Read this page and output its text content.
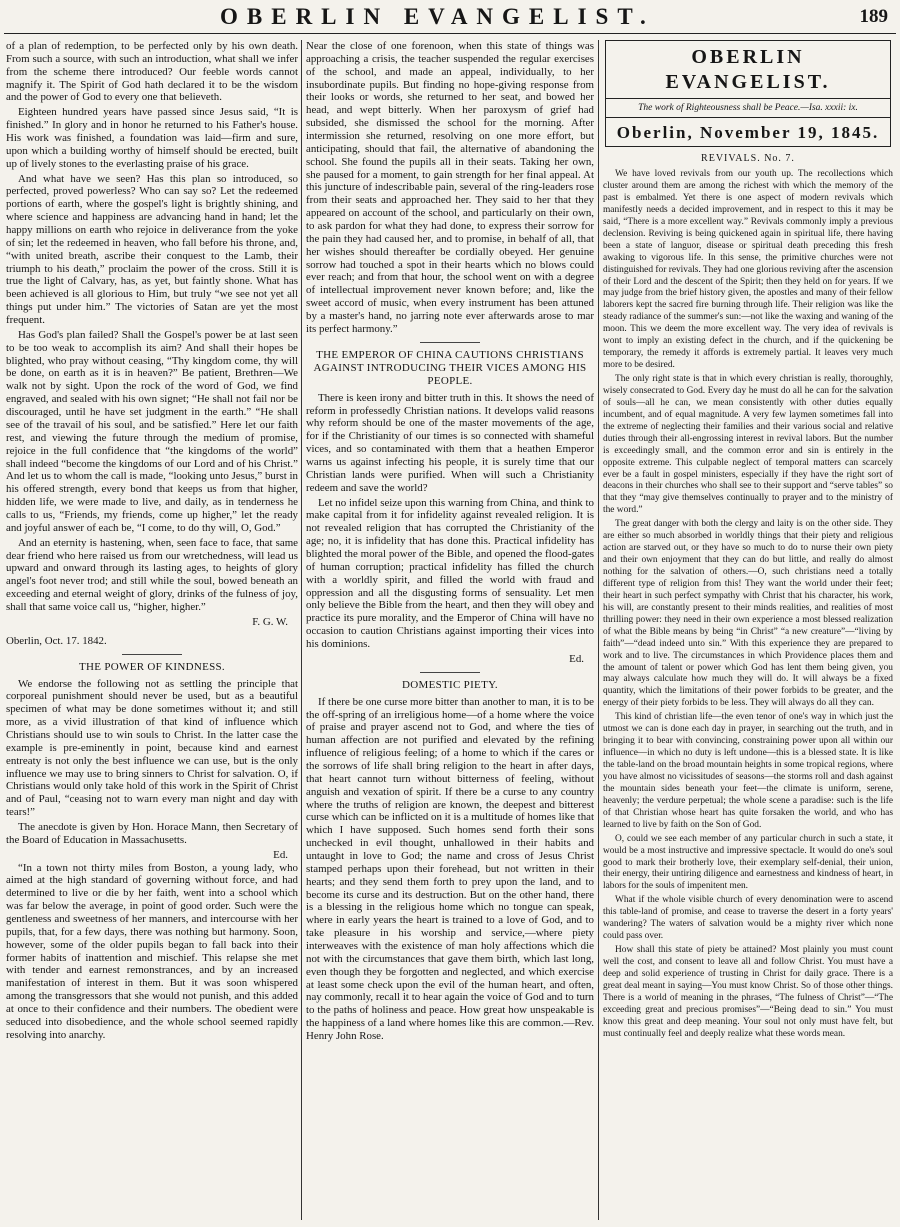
OBERLIN EVANGELIST.	189

of a plan of redemption, to be perfected only by his own death. From such a source, with such an introduction, what shall we infer from the scheme there introduced? Our feeble words cannot magnify it. The Spirit of God hath declared it to be the wisdom and the power of God to every one that believeth.

Eighteen hundred years have passed since Jesus said, “It is finished.” In glory and in honor he returned to his Father's house. His work was finished, a foundation was laid—firm and sure, upon which a building worthy of himself should be erected, built up of lively stones to the everlasting praise of his grace.

And what have we seen? Has this plan so introduced, so perfected, proved powerless? Who can say so? Let the redeemed portions of earth, where the gospel's light is brightly shining, and where science and happiness are advancing hand in hand; let the happy millions on earth who rejoice in deliverance from the yoke of sin; let the redeemed in heaven, who fall before his throne, and, “with united breath, ascribe their conquest to the Lamb, their triumph to his death,” proclaim the power of the cross. Still it is true the light of Calvary, has, as yet, but faintly shone. What has been achieved is all glorious to Him, but truly “we see not yet all things put under him.” The victories of Satan are yet the most frequent.

Has God's plan failed? Shall the Gospel's power be at last seen to be too weak to accomplish its aim? And shall their hopes be blighted, who pray without ceasing, “Thy kingdom come, thy will be done, on earth as it is in heaven?” Be patient, Brethren—We walk not by sight. Upon the rock of the word of God, we find engraved, and sealed with his own signet; “He shall not fail nor be discouraged, until he have set judgment in the earth.” “He shall see of the travail of his soul, and be satisfied.” Here let our faith rest, and viewing the future through the medium of promise, rejoice in the full confidence that “the kingdoms of the world” shall indeed “become the kingdoms of our Lord and of his Christ.” And let us to whom the call is made, “looking unto Jesus,” burst in his offered strength, every bond that keeps us from that higher, hidden life, we were made to live, and daily, as in tenderness he calls to us, “Friends, my friends, come up higher,” let the ready and joyful answer of each be, “I come, to do thy will, O, God.”

And an eternity is hastening, when, seen face to face, that same dear friend who here raised us from our wretchedness, will lead us upward and onward through its lasting ages, to heights of glory angel's foot never trod; and still while the soul, bowed beneath an exceeding and eternal weight of glory, drinks of the fulness of joy, shall that same voice call us, “higher, higher.”

F. G. W.
Oberlin, Oct. 17. 1842.
THE POWER OF KINDNESS.

We endorse the following not as settling the principle that corporeal punishment should never be used, but as a beautiful specimen of what may be done sometimes without it; and still more, as a vivid illustration of that kind of influence which Christians should use to win souls to Christ. In the latter case the example is pre-eminently in point, because kind and earnest entreaty is not only the best influence we can use, but is the only influence we may use to bring sinners to Christ for salvation. O, if Christians would only take hold of this work in the Spirit of Christ and of Paul, “ceasing not to warn every man night and day with tears!”

The anecdote is given by Hon. Horace Mann, then Secretary of the Board of Education in Massachusetts.

Ed.

“In a town not thirty miles from Boston, a young lady, who aimed at the high standard of governing without force, and had determined to live or die by her faith, went into a school which was far below the average, in point of good order. Such were the gentleness and sweetness of her manners, and intercourse with her pupils, that, for a few days, there was nothing but harmony. Soon, however, some of the older pupils began to fall back into their former habits of inattention and mischief. This relapse she met with tender and earnest remonstrances, and by an increased manifestation of interest in them. But it was soon whispered among the transgressors that she would not punish, and this added at once to their confidence and their numbers. The obedient were seduced into disobedience, and the whole school seemed rapidly resolving into anarchy.

Near the close of one forenoon, when this state of things was approaching a crisis, the teacher suspended the regular exercises of the school, and made an appeal, individually, to her insubordinate pupils. But finding no hope-giving response from their looks or words, she returned to her seat, and bowed her head, and wept bitterly. When her paroxysm of grief had subsided, she dismissed the school for the morning. After intermission she returned, resolving on one more effort, but anticipating, should that fail, the alternative of abandoning the school. She found the pupils all in their seats. Taking her own, she paused for a moment, to gain strength for her final appeal. At this juncture of indescribable pain, several of the ring-leaders rose from their seats and approached her. They said to her that they appeared on account of the school, and particularly on their own, to ask pardon for what they had done, to express their sorrow for the pain they had caused her, and to promise, in behalf of all, that her wishes should thereafter be cordially obeyed. Her genuine sorrow had touched a spot in their hearts which no blows could ever reach; and from that hour, the school went on with a degree of intellectual improvement never known before; and, like the sweet accord of music, when every instrument has been attuned by a master's hand, no jarring note ever afterwards arose to mar its perfect harmony.”

THE EMPEROR OF CHINA CAUTIONS CHRISTIANS AGAINST INTRODUCING THEIR VICES AMONG HIS PEOPLE.

There is keen irony and bitter truth in this. It shows the need of reform in professedly Christian nations. It develops valid reasons why reform should be one of the master movements of the age, for if the Christianity of our times is so connected with shameful vices, and so contaminated with them that a heathen Emperor warns us against infecting his people, it is surely time that our Christian lands were purified. When will such a Christianity redeem and save the world?

Let no infidel seize upon this warning from China, and think to make capital from it for infidelity against revealed religion. It is not revealed religion that has corrupted the Christianity of the age; no, it is infidelity that has done this. Practical infidelity has blighted the moral power of the Bible, and opened the flood-gates of human corruption; practical infidelity has filled the church with a worldly spirit, and filled the world with fraud and oppression and all the disgusting forms of sensuality. Let men only believe the Bible from the heart, and then they will obey and practice its pure morality, and the Emperor of China will have no occasion to caution Christians against importing their vices into his dominions.

Ed.
DOMESTIC PIETY.

If there be one curse more bitter than another to man, it is to be the off-spring of an irreligious home—of a home where the voice of praise and prayer ascend not to God, and where the ties of human affection are not purified and elevated by the refining influence of religious feeling; of a home to which if the cares or the sorrows of life shall bring religion to the heart in after days, that heart cannot turn without bitterness of feeling, without anguish and vexation of spirit. If there be a curse to any country where the truths of religion are known, the deepest and bitterest curse which can be inflicted on it is a multitude of homes like that which I have supposed. Such homes send forth their sons unchecked in evil thought, unhallowed in their habits and untaught in love to God; the name and cross of Jesus Christ stamped perhaps upon their forehead, but not written in their hearts; and they send them forth to prey upon the land, and to become its curse and its destruction. But on the other hand, there is a blessing in the religious home which no tongue can speak, where in early years the heart is trained to a love of God, and to take pleasure in his worship and service,—where piety interweaves with the existence of man holy affections which die not with the circumstances that gave them birth, which last long, even though they be forgotten and neglected, and which exercise at least some check upon the evil of the human heart, and often, nay commonly, recall it to hear again the voice of God and to turn to the paths of holiness and peace. How great how unspeakable is the happiness of a land where homes like this are common.—Rev. Henry John Rose.

OBERLIN EVANGELIST.
The work of Righteousness shall be Peace.—Isa. xxxii: ix.
Oberlin, November 19, 1845.
REVIVALS. No. 7.

We have loved revivals from our youth up. The recollections which cluster around them are among the richest with which the memory of the past is embalmed. Yet there is one aspect of modern revivals which manifestly needs a decided improvement, and in respect to this it may be said, “There is a more excellent way.” Revivals commonly imply a previous declension. Reviving is being quickened again in spiritual life, there having been a state of languor, disease or spiritual death preceding this fresh awaking to vigorous life. In this sense, the primitive churches were not distinguished for revivals. They had one glorious reviving after the ascension of their Lord and the descent of the Spirit; then they held on for years. If we may judge from the brief history given, the apostles and many of their fellow laborers kept the sacred fire burning through life. Their religion was like the steady radiance of the summer's sun:—not like the waxing and waning of the moon. This we deem the more excellent way. The very idea of revivals is wont to imply an existing defect in the church, and if the quickening be temporary, the remedy it affords is extremely partial. It leaves very much more to be desired.

The only right state is that in which every christian is really, thoroughly, wisely consecrated to God. Every day he must do all he can for the salvation of souls—all he can, we mean consistently with other duties equally incumbent, and of equal magnitude. A very few laymen sometimes fall into the extreme of neglecting their families and their various social and relative duties through their all-engrossing interest in revival labors. But the number is exceedingly small, and the common error and sin is entirely in the opposite extreme. This culpable neglect of temporal matters can scarcely ever be a fault in gospel ministers, especially if they have the right sort of deacons in their churches who shall see to their support and “serve tables” so that they “may give themselves continually to prayer and to the ministry of the word.”

The great danger with both the clergy and laity is on the other side. They are either so much absorbed in worldly things that their piety and religious action are starved out, or they have so much to do to nurse their own piety and their own enjoyment that they can do but little, and really do almost nothing for the salvation of others.—O, such christians need a totally different type of religion from this! They want the world under their feet; their heart in such perfect sympathy with Christ that his character, his work, his will, are constantly present to their minds realities, and realities of most thrilling power: they need in their own experience a most blessed realization of what the Bible means by being “in Christ” “a new creature”—“living by faith”—“dead indeed unto sin.” With this experience they are prepared to work and to live. The circumstances in which Providence places them and the amount of talent or power which God has lent them being given, you may always calculate how much they will do. It will always be a fixed quantity, which the limitations of their power forbids to be greater, and the energy of their piety forbids to be less. They will always do all they can.

This kind of christian life—the even tenor of one's way in which just the utmost we can is done each day in prayer, in searching out the truth, and in bringing it to bear with convincing, constraining power upon all within our influence—in which no duty is left undone—this is a blessed state. It is like the table-land on the broad mountain heights in some tropical regions, where you have almost no vicissitudes of seasons—the storms roll and dash against the mountain sides beneath your feet—the climate is uniform, serene, heavenly; the verdure perpetual; the whole scene a paradise: such is the life of that Christian whose heart has quite forsaken the world, and who has learned to live by faith on the Son of God.

O, could we see each member of any particular church in such a state, it would be a most instructive and impressive spectacle. It would do one's soul good to mark their brotherly love, their exemplary self-denial, their union, their energy, their untiring diligence and earnestness and kindness of heart, in labors for the souls of impenitent men.

What if the whole visible church of every denomination were to ascend this table-land of promise, and cease to traverse the desert in a forty years' wandering? The waters of salvation would be a mighty river which none could pass over.

How shall this state of piety be attained? Most plainly you must count well the cost, and consent to leave all and follow Christ. You must have a deep and solid experience of trusting in Christ for daily grace. There is a great deal meant in saying—You must know Christ. So of those other things. There is a world of meaning in the phrases, “The fulness of Christ”—“The exceeding great and precious promises”—“Being dead to sin.” You must know this great and deep meaning. Your soul not only must have felt, but must continually feel and deeply realize what these words mean.
